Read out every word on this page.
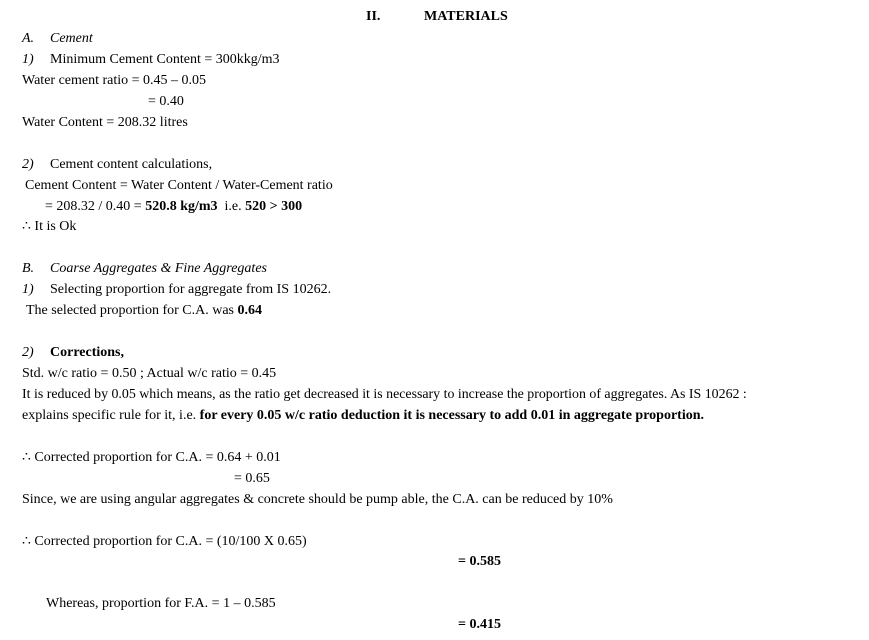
II.	MATERIALS
A. Cement
1) Minimum Cement Content = 300kkg/m3
Water cement ratio = 0.45 – 0.05
= 0.40
Water Content = 208.32 litres
2) Cement content calculations,
Cement Content = Water Content / Water-Cement ratio
= 208.32 / 0.40 = 520.8 kg/m3  i.e. 520 > 300
∴ It is Ok
B. Coarse Aggregates & Fine Aggregates
1) Selecting proportion for aggregate from IS 10262.
The selected proportion for C.A. was 0.64
2) Corrections,
Std. w/c ratio = 0.50 ; Actual w/c ratio = 0.45
It is reduced by 0.05 which means, as the ratio get decreased it is necessary to increase the proportion of aggregates. As IS 10262 :
explains specific rule for it, i.e. for every 0.05 w/c ratio deduction it is necessary to add 0.01 in aggregate proportion.
∴ Corrected proportion for C.A. = 0.64 + 0.01
= 0.65
Since, we are using angular aggregates & concrete should be pump able, the C.A. can be reduced by 10%
∴ Corrected proportion for C.A. = (10/100 X 0.65)
= 0.585
Whereas, proportion for F.A. = 1 – 0.585
= 0.415
